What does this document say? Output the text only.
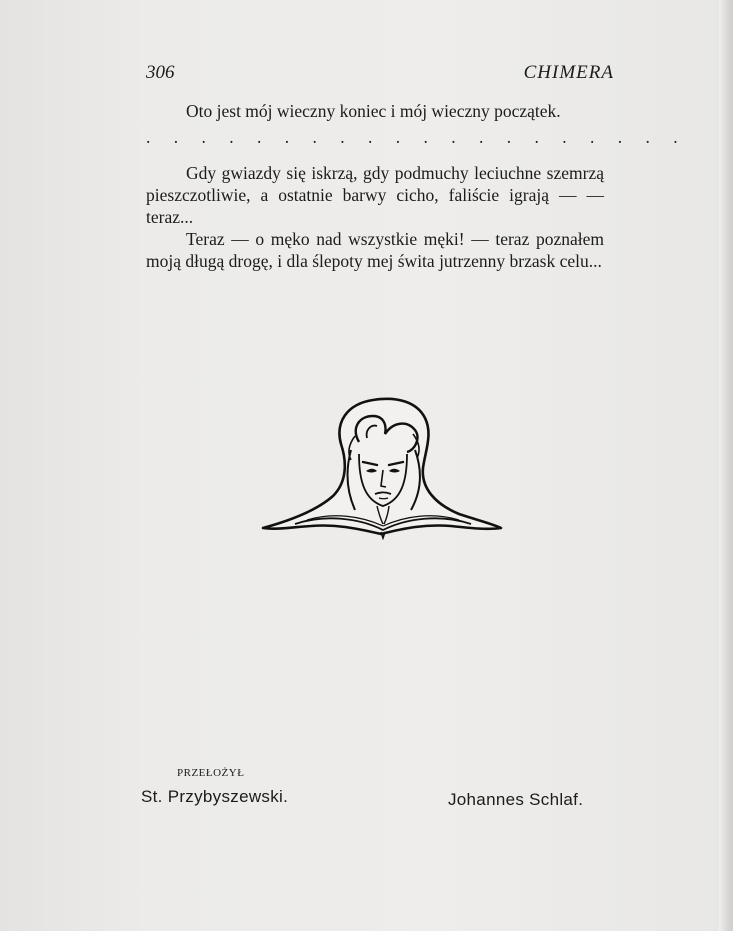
306	CHIMERA

Oto jest mój wieczny koniec i mój wieczny początek.

. . . . . . . . . . . . . . . . . . . .

Gdy gwiazdy się iskrzą, gdy podmuchy leciuchne szemrzą pieszczotliwie, a ostatnie barwy cicho, faliście igrają — — teraz...

Teraz — o męko nad wszystkie męki! — teraz poznałem moją długą drogę, i dla ślepoty mej świta jutrzenny brzask celu...

PRZEŁOŻYŁ
St. Przybyszewski.	Johannes Schlaf.
